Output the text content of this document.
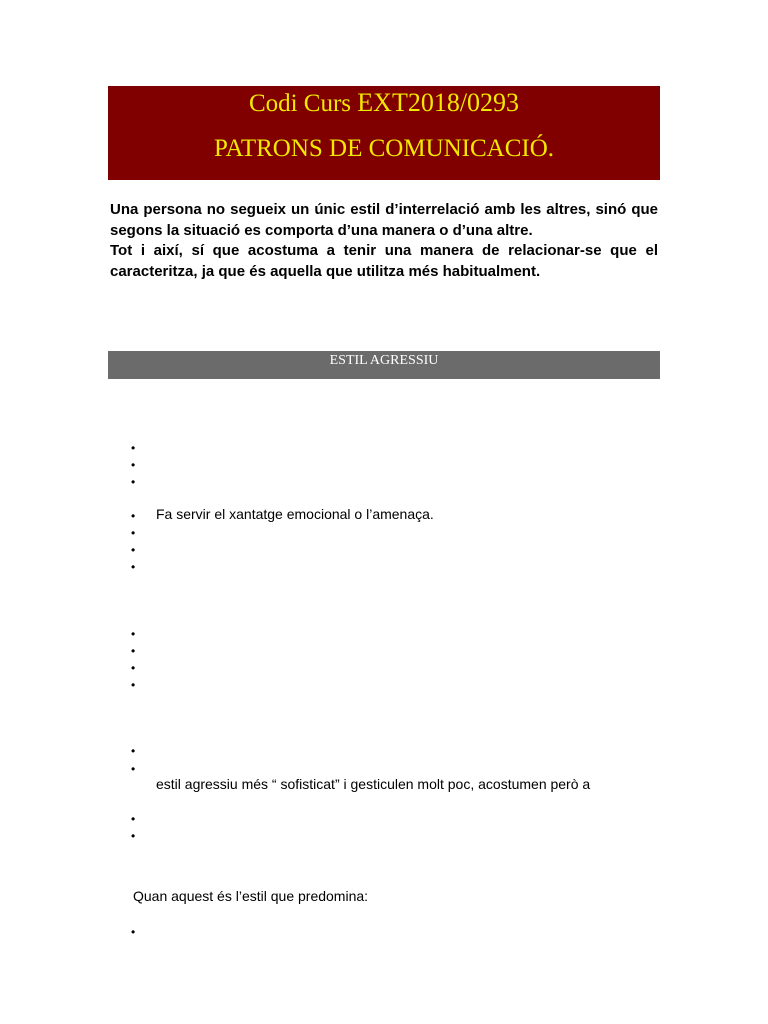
Codi Curs EXT2018/0293
PATRONS DE COMUNICACIÓ.

Una persona no segueix un únic estil d’interrelació amb les altres, sinó que segons la situació es comporta d’una manera o d’una altre.

Tot i així, sí que acostuma a tenir una manera de relacionar-se que el caracteritza, ja que és aquella que utilitza més habitualment.

ESTIL AGRESSIU
•
•
•
• Fa servir el xantatge emocional o l’amenaça.
•
•
•
•
•
•
•
•
•
estil agressiu més “ sofisticat” i gesticulen molt poc, acostumen però a
•
•
Quan aquest és l’estil que predomina:
•
